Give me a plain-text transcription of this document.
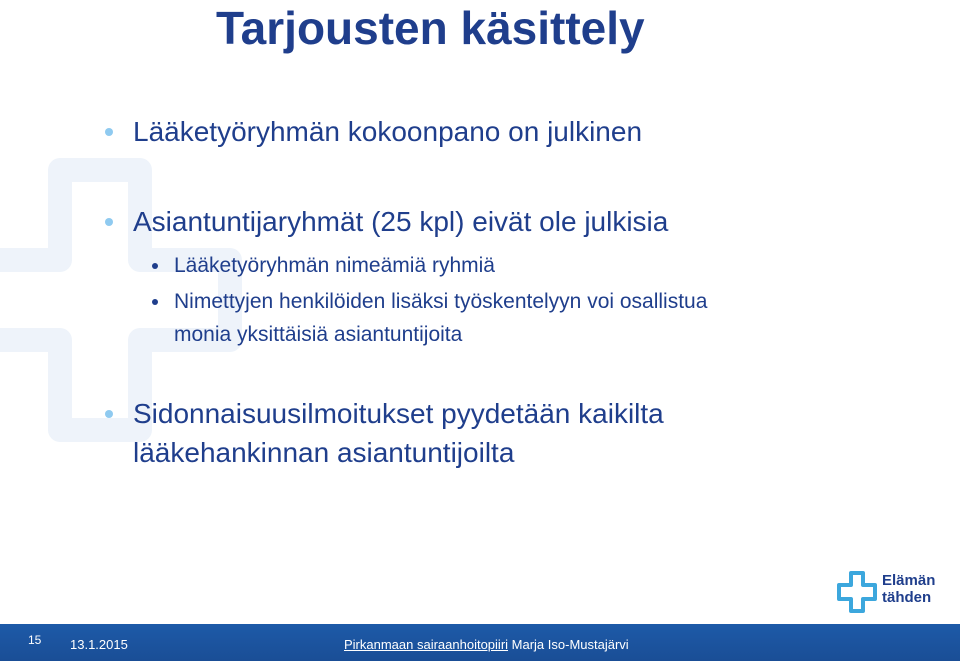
Tarjousten käsittely
Lääketyöryhmän kokoonpano on julkinen
Asiantuntijaryhmät (25 kpl) eivät ole julkisia
Lääketyöryhmän nimeämiä ryhmiä
Nimettyjen henkilöiden lisäksi työskentelyyn voi osallistua
monia yksittäisiä asiantuntijoita
Sidonnaisuusilmoitukset pyydetään kaikilta
lääkehankinnan asiantuntijoilta
Elämän
tähden
15 13.1.2015	Pirkanmaan sairaanhoitopiiri Marja Iso-Mustajärvi
